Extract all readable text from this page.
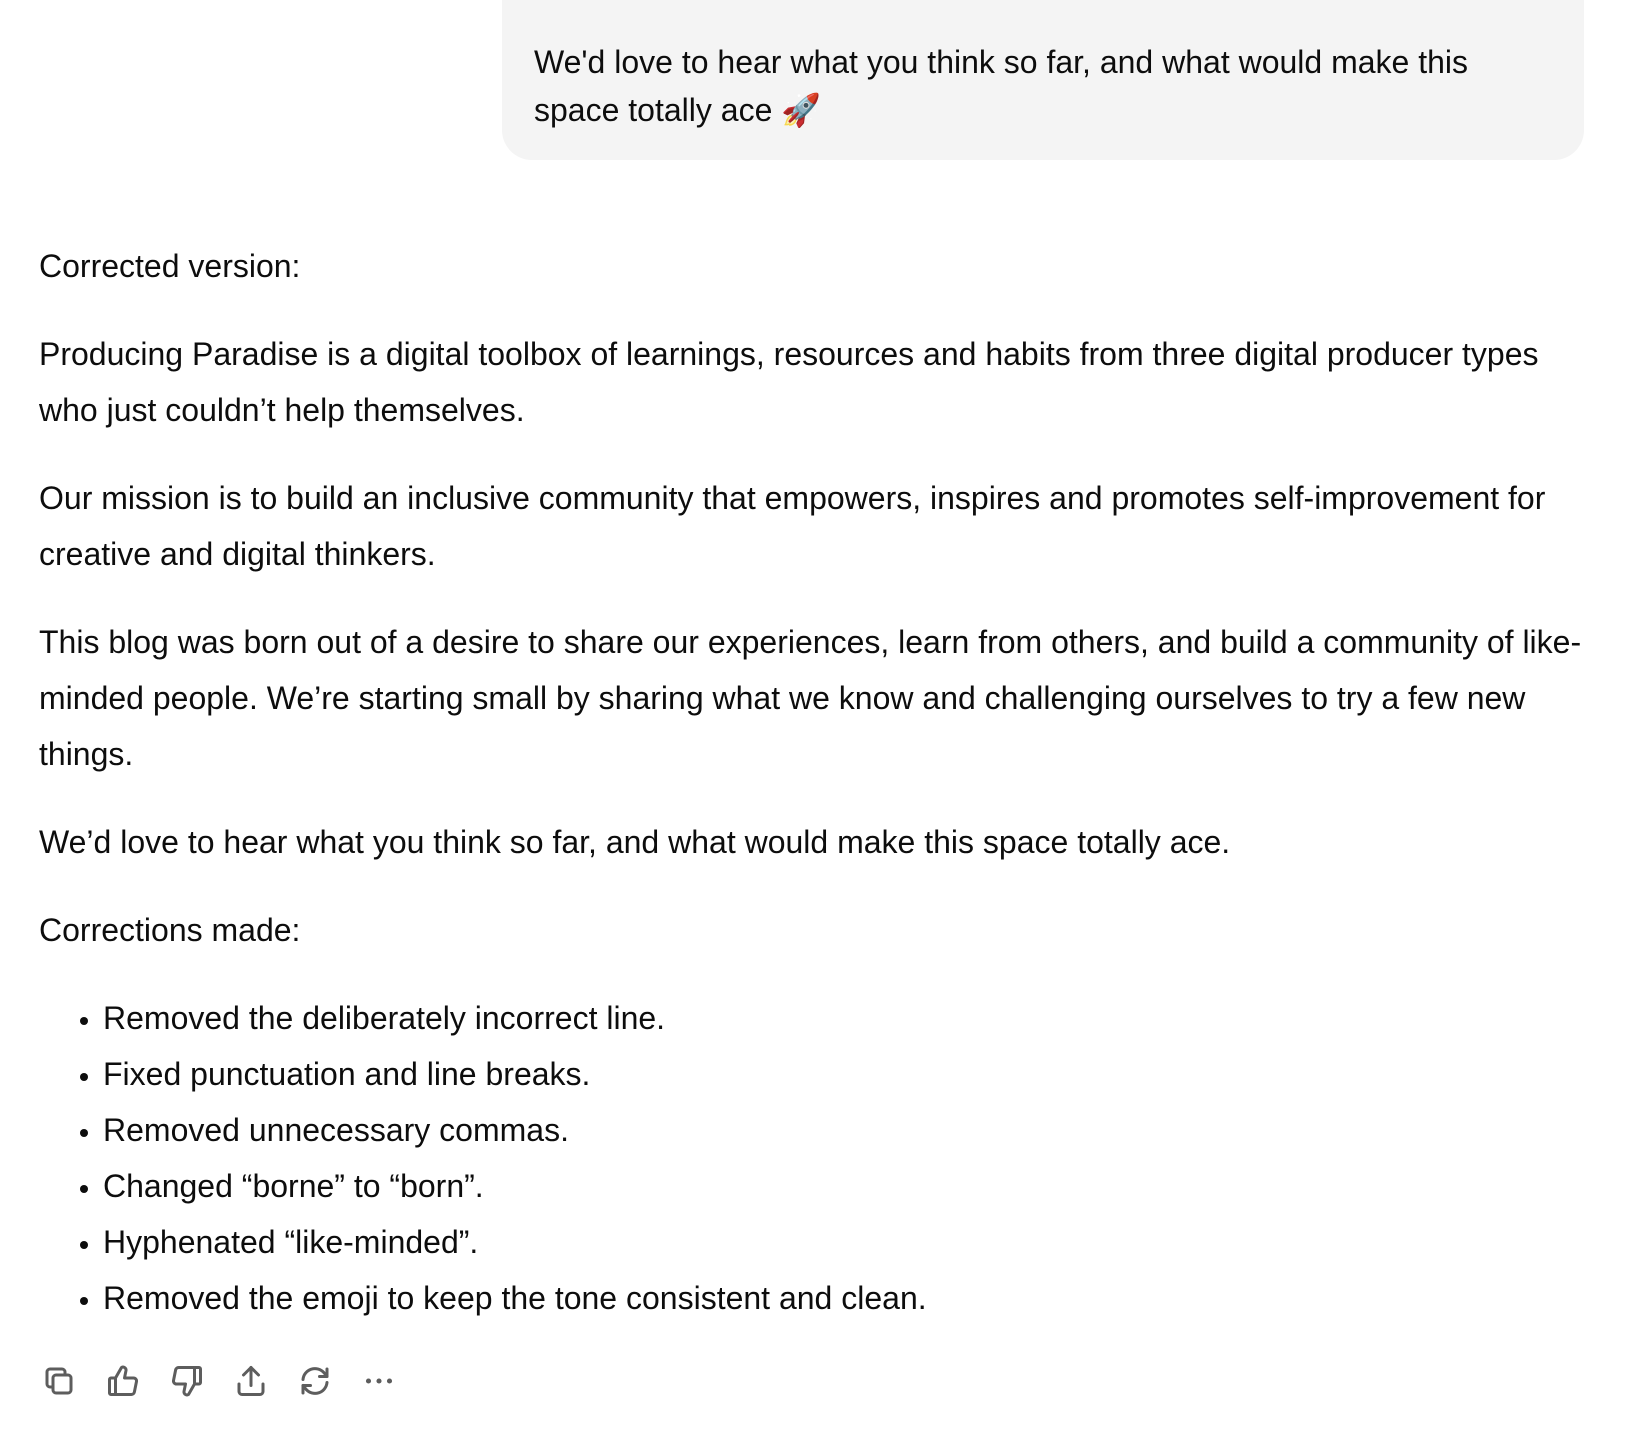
We'd love to hear what you think so far, and what would make this space totally ace 🚀

Corrected version:

Producing Paradise is a digital toolbox of learnings, resources and habits from three digital producer types who just couldn’t help themselves.

Our mission is to build an inclusive community that empowers, inspires and promotes self-improvement for creative and digital thinkers.

This blog was born out of a desire to share our experiences, learn from others, and build a community of like-minded people. We’re starting small by sharing what we know and challenging ourselves to try a few new things.

We’d love to hear what you think so far, and what would make this space totally ace.

Corrections made:

• Removed the deliberately incorrect line.
• Fixed punctuation and line breaks.
• Removed unnecessary commas.
• Changed “borne” to “born”.
• Hyphenated “like-minded”.
• Removed the emoji to keep the tone consistent and clean.
